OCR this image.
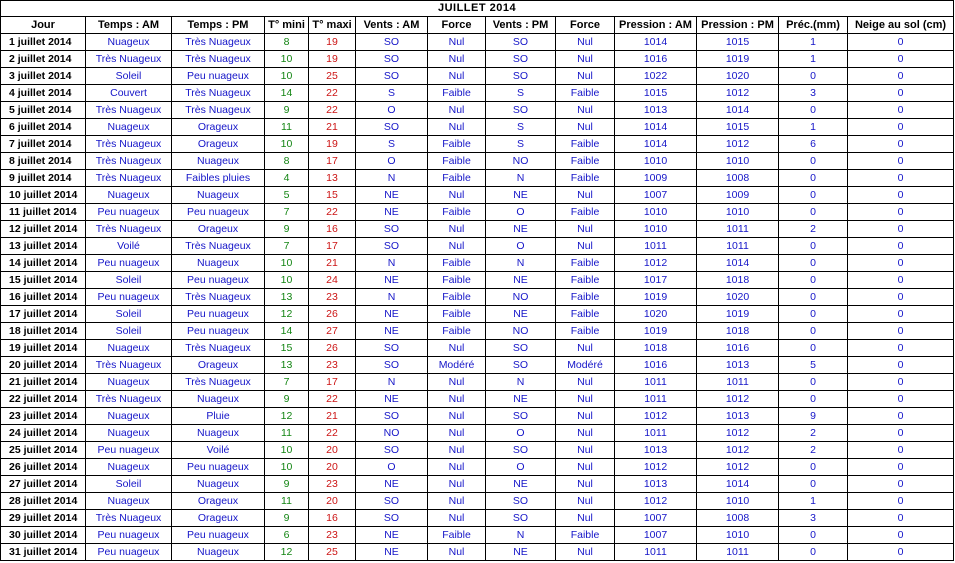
JUILLET 2014												
Jour	Temps : AM	Temps : PM	T° mini	T° maxi	Vents : AM	Force	Vents : PM	Force	Pression : AM	Pression : PM	Préc.(mm)	Neige au sol (cm)
1 juillet 2014	Nuageux	Très Nuageux	8	19	SO	Nul	SO	Nul	1014	1015	1	0
2 juillet 2014	Très Nuageux	Très Nuageux	10	19	SO	Nul	SO	Nul	1016	1019	1	0
3 juillet 2014	Soleil	Peu nuageux	10	25	SO	Nul	SO	Nul	1022	1020	0	0
4 juillet 2014	Couvert	Très Nuageux	14	22	S	Faible	S	Faible	1015	1012	3	0
5 juillet 2014	Très Nuageux	Très Nuageux	9	22	O	Nul	SO	Nul	1013	1014	0	0
6 juillet 2014	Nuageux	Orageux	11	21	SO	Nul	S	Nul	1014	1015	1	0
7 juillet 2014	Très Nuageux	Orageux	10	19	S	Faible	S	Faible	1014	1012	6	0
8 juillet 2014	Très Nuageux	Nuageux	8	17	O	Faible	NO	Faible	1010	1010	0	0
9 juillet 2014	Très Nuageux	Faibles pluies	4	13	N	Faible	N	Faible	1009	1008	0	0
10 juillet 2014	Nuageux	Nuageux	5	15	NE	Nul	NE	Nul	1007	1009	0	0
11 juillet 2014	Peu nuageux	Peu nuageux	7	22	NE	Faible	O	Faible	1010	1010	0	0
12 juillet 2014	Très Nuageux	Orageux	9	16	SO	Nul	NE	Nul	1010	1011	2	0
13 juillet 2014	Voilé	Très Nuageux	7	17	SO	Nul	O	Nul	1011	1011	0	0
14 juillet 2014	Peu nuageux	Nuageux	10	21	N	Faible	N	Faible	1012	1014	0	0
15 juillet 2014	Soleil	Peu nuageux	10	24	NE	Faible	NE	Faible	1017	1018	0	0
16 juillet 2014	Peu nuageux	Très Nuageux	13	23	N	Faible	NO	Faible	1019	1020	0	0
17 juillet 2014	Soleil	Peu nuageux	12	26	NE	Faible	NE	Faible	1020	1019	0	0
18 juillet 2014	Soleil	Peu nuageux	14	27	NE	Faible	NO	Faible	1019	1018	0	0
19 juillet 2014	Nuageux	Très Nuageux	15	26	SO	Nul	SO	Nul	1018	1016	0	0
20 juillet 2014	Très Nuageux	Orageux	13	23	SO	Modéré	SO	Modéré	1016	1013	5	0
21 juillet 2014	Nuageux	Très Nuageux	7	17	N	Nul	N	Nul	1011	1011	0	0
22 juillet 2014	Très Nuageux	Nuageux	9	22	NE	Nul	NE	Nul	1011	1012	0	0
23 juillet 2014	Nuageux	Pluie	12	21	SO	Nul	SO	Nul	1012	1013	9	0
24 juillet 2014	Nuageux	Nuageux	11	22	NO	Nul	O	Nul	1011	1012	2	0
25 juillet 2014	Peu nuageux	Voilé	10	20	SO	Nul	SO	Nul	1013	1012	2	0
26 juillet 2014	Nuageux	Peu nuageux	10	20	O	Nul	O	Nul	1012	1012	0	0
27 juillet 2014	Soleil	Nuageux	9	23	NE	Nul	NE	Nul	1013	1014	0	0
28 juillet 2014	Nuageux	Orageux	11	20	SO	Nul	SO	Nul	1012	1010	1	0
29 juillet 2014	Très Nuageux	Orageux	9	16	SO	Nul	SO	Nul	1007	1008	3	0
30 juillet 2014	Peu nuageux	Peu nuageux	6	23	NE	Faible	N	Faible	1007	1010	0	0
31 juillet 2014	Peu nuageux	Nuageux	12	25	NE	Nul	NE	Nul	1011	1011	0	0
